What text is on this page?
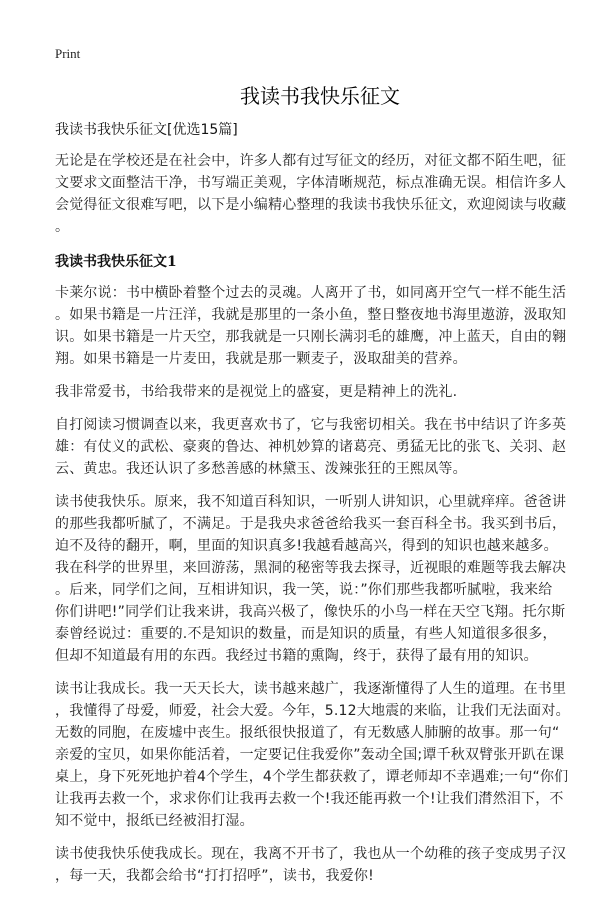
Print
我读书我快乐征文
我读书我快乐征文[优选15篇]
无论是在学校还是在社会中，许多人都有过写征文的经历，对征文都不陌生吧，征
文要求文面整洁干净，书写端正美观，字体清晰规范，标点准确无误。相信许多人
会觉得征文很难写吧，以下是小编精心整理的我读书我快乐征文，欢迎阅读与收藏
。
我读书我快乐征文1
卡莱尔说：书中横卧着整个过去的灵魂。人离开了书，如同离开空气一样不能生活
。如果书籍是一片汪洋，我就是那里的一条小鱼，整日整夜地书海里遨游，汲取知
识。如果书籍是一片天空，那我就是一只刚长满羽毛的雄鹰，冲上蓝天，自由的翱
翔。如果书籍是一片麦田，我就是那一颗麦子，汲取甜美的营养。
我非常爱书，书给我带来的是视觉上的盛宴，更是精神上的洗礼.
自打阅读习惯调查以来，我更喜欢书了，它与我密切相关。我在书中结识了许多英
雄：有仗义的武松、豪爽的鲁达、神机妙算的诸葛亮、勇猛无比的张飞、关羽、赵
云、黄忠。我还认识了多愁善感的林黛玉、泼辣张狂的王熙凤等。
读书使我快乐。原来，我不知道百科知识，一听别人讲知识，心里就痒痒。爸爸讲
的那些我都听腻了，不满足。于是我央求爸爸给我买一套百科全书。我买到书后，
迫不及待的翻开，啊，里面的知识真多!我越看越高兴，得到的知识也越来越多。
我在科学的世界里，来回游荡，黑洞的秘密等我去探寻，近视眼的难题等我去解决
。后来，同学们之间，互相讲知识，我一笑，说：”你们那些我都听腻啦，我来给
你们讲吧!”同学们让我来讲，我高兴极了，像快乐的小鸟一样在天空飞翔。托尔斯
泰曾经说过：重要的.不是知识的数量，而是知识的质量，有些人知道很多很多，
但却不知道最有用的东西。我经过书籍的熏陶，终于，获得了最有用的知识。
读书让我成长。我一天天长大，读书越来越广，我逐渐懂得了人生的道理。在书里
，我懂得了母爱，师爱，社会大爱。今年，5.12大地震的来临，让我们无法面对。
无数的同胞，在废墟中丧生。报纸很快报道了，有无数感人肺腑的故事。那一句“
亲爱的宝贝，如果你能活着，一定要记住我爱你”轰动全国;谭千秋双臂张开趴在课
桌上，身下死死地护着4个学生，4个学生都获救了，谭老师却不幸遇难;一句“你们
让我再去救一个，求求你们让我再去救一个!我还能再救一个!让我们潸然泪下，不
知不觉中，报纸已经被泪打湿。
读书使我快乐使我成长。现在，我离不开书了，我也从一个幼稚的孩子变成男子汉
，每一天，我都会给书“打打招呼”，读书，我爱你!
